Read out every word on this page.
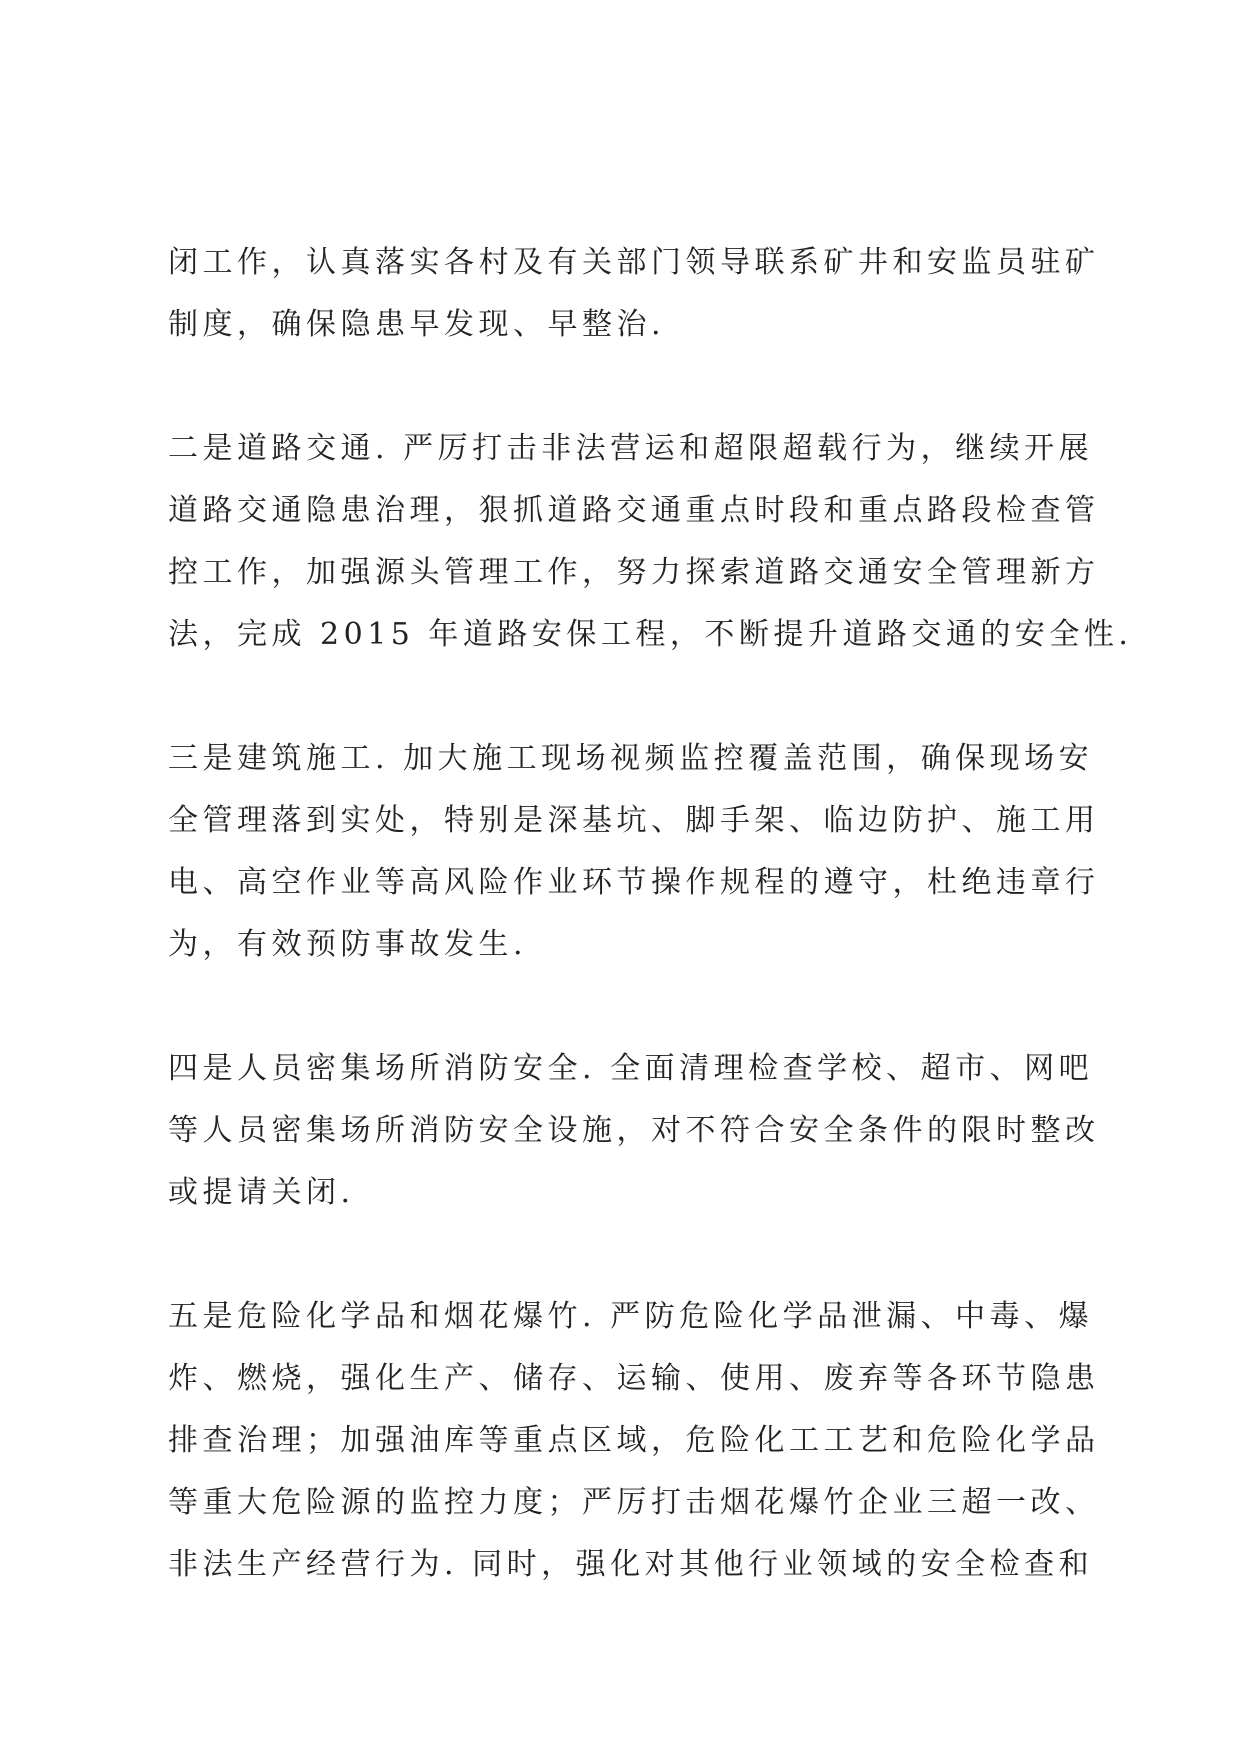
闭工作，认真落实各村及有关部门领导联系矿井和安监员驻矿
制度，确保隐患早发现、早整治.
二是道路交通. 严厉打击非法营运和超限超载行为，继续开展
道路交通隐患治理，狠抓道路交通重点时段和重点路段检查管
控工作，加强源头管理工作，努力探索道路交通安全管理新方
法，完成 2015 年道路安保工程，不断提升道路交通的安全性.
三是建筑施工. 加大施工现场视频监控覆盖范围，确保现场安
全管理落到实处，特别是深基坑、脚手架、临边防护、施工用
电、高空作业等高风险作业环节操作规程的遵守，杜绝违章行
为，有效预防事故发生.
四是人员密集场所消防安全. 全面清理检查学校、超市、网吧
等人员密集场所消防安全设施，对不符合安全条件的限时整改
或提请关闭.
五是危险化学品和烟花爆竹. 严防危险化学品泄漏、中毒、爆
炸、燃烧，强化生产、储存、运输、使用、废弃等各环节隐患
排查治理；加强油库等重点区域，危险化工工艺和危险化学品
等重大危险源的监控力度；严厉打击烟花爆竹企业三超一改、
非法生产经营行为. 同时，强化对其他行业领域的安全检查和
